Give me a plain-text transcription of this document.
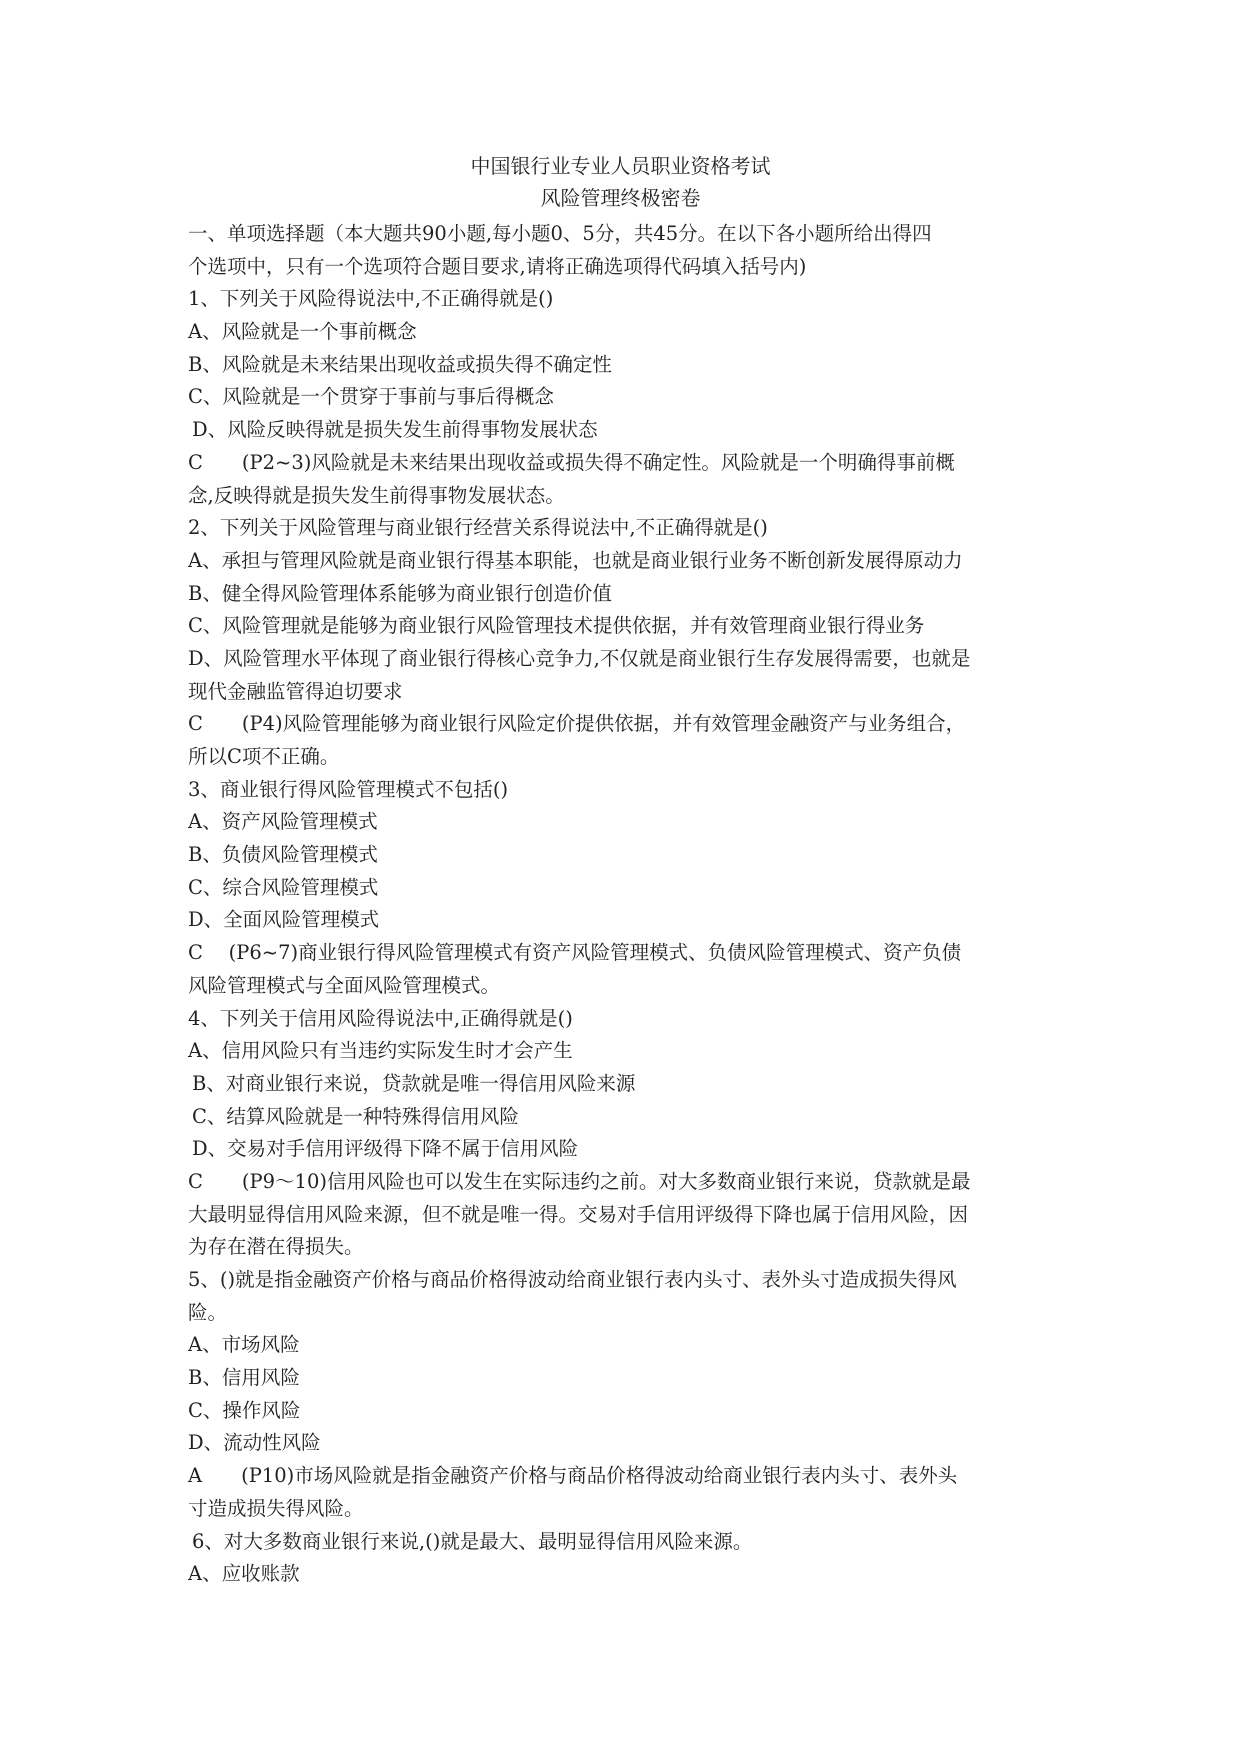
中国银行业专业人员职业资格考试
风险管理终极密卷
一、单项选择题（本大题共90小题,每小题0、5分，共45分。在以下各小题所给出得四
个选项中，只有一个选项符合题目要求,请将正确选项得代码填入括号内)
1、下列关于风险得说法中,不正确得就是()
A、风险就是一个事前概念
B、风险就是未来结果出现收益或损失得不确定性
C、风险就是一个贯穿于事前与事后得概念
D、风险反映得就是损失发生前得事物发展状态
C　　(P2~3)风险就是未来结果出现收益或损失得不确定性。风险就是一个明确得事前概
念,反映得就是损失发生前得事物发展状态。
2、下列关于风险管理与商业银行经营关系得说法中,不正确得就是()
A、承担与管理风险就是商业银行得基本职能，也就是商业银行业务不断创新发展得原动力
B、健全得风险管理体系能够为商业银行创造价值
C、风险管理就是能够为商业银行风险管理技术提供依据，并有效管理商业银行得业务
D、风险管理水平体现了商业银行得核心竞争力,不仅就是商业银行生存发展得需要，也就是
现代金融监管得迫切要求
C　　(P4)风险管理能够为商业银行风险定价提供依据，并有效管理金融资产与业务组合，
所以C项不正确。
3、商业银行得风险管理模式不包括()
A、资产风险管理模式
B、负债风险管理模式
C、综合风险管理模式
D、全面风险管理模式
C　 (P6~7)商业银行得风险管理模式有资产风险管理模式、负债风险管理模式、资产负债
风险管理模式与全面风险管理模式。
4、下列关于信用风险得说法中,正确得就是()
A、信用风险只有当违约实际发生时才会产生
B、对商业银行来说，贷款就是唯一得信用风险来源
C、结算风险就是一种特殊得信用风险
D、交易对手信用评级得下降不属于信用风险
C　　(P9～10)信用风险也可以发生在实际违约之前。对大多数商业银行来说，贷款就是最
大最明显得信用风险来源，但不就是唯一得。交易对手信用评级得下降也属于信用风险，因
为存在潜在得损失。
5、()就是指金融资产价格与商品价格得波动给商业银行表内头寸、表外头寸造成损失得风
险。
A、市场风险
B、信用风险
C、操作风险
D、流动性风险
A　　(P10)市场风险就是指金融资产价格与商品价格得波动给商业银行表内头寸、表外头
寸造成损失得风险。
6、对大多数商业银行来说,()就是最大、最明显得信用风险来源。
A、应收账款
